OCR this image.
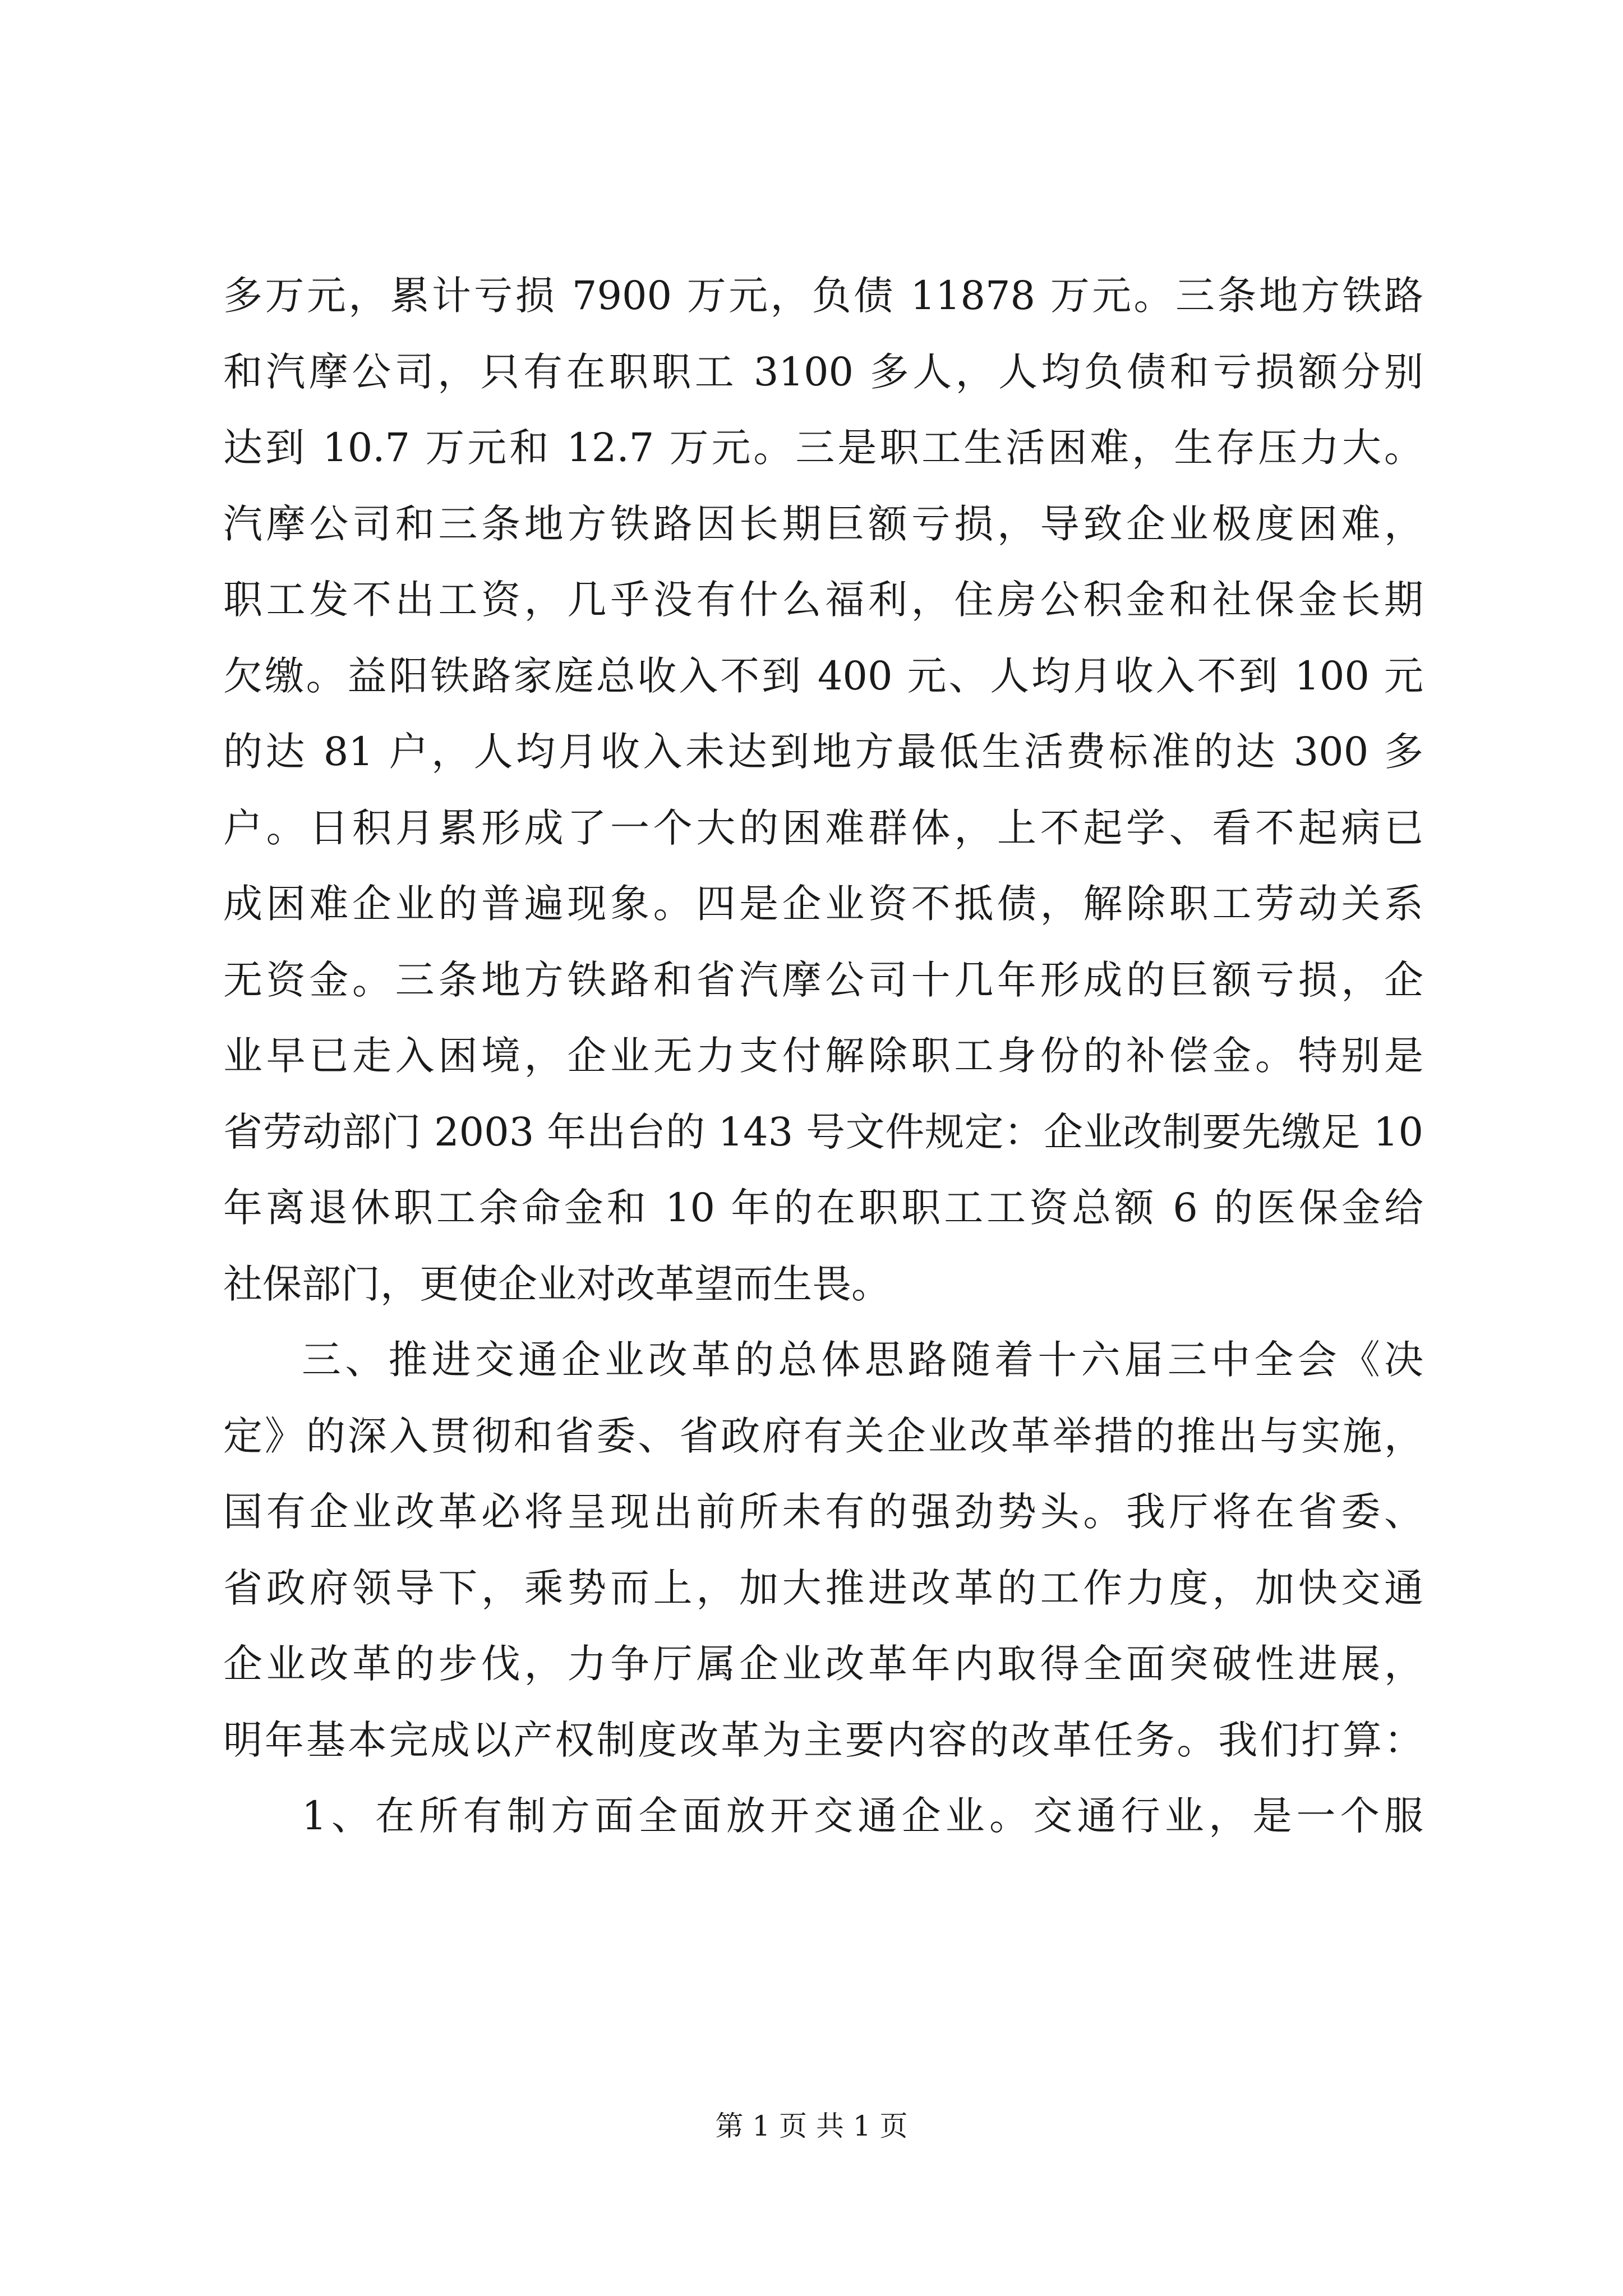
多万元，累计亏损 7900 万元，负债 11878 万元。三条地方铁路
和汽摩公司，只有在职职工 3100 多人，人均负债和亏损额分别
达到 10.7 万元和 12.7 万元。三是职工生活困难，生存压力大。
汽摩公司和三条地方铁路因长期巨额亏损，导致企业极度困难，
职工发不出工资，几乎没有什么福利，住房公积金和社保金长期
欠缴。益阳铁路家庭总收入不到 400 元、人均月收入不到 100 元
的达 81 户，人均月收入未达到地方最低生活费标准的达 300 多
户。日积月累形成了一个大的困难群体，上不起学、看不起病已
成困难企业的普遍现象。四是企业资不抵债，解除职工劳动关系
无资金。三条地方铁路和省汽摩公司十几年形成的巨额亏损，企
业早已走入困境，企业无力支付解除职工身份的补偿金。特别是
省劳动部门 2003 年出台的 143 号文件规定：企业改制要先缴足 10
年离退休职工余命金和 10 年的在职职工工资总额 6 的医保金给
社保部门，更使企业对改革望而生畏。
三、推进交通企业改革的总体思路随着十六届三中全会《决
定》的深入贯彻和省委、省政府有关企业改革举措的推出与实施，
国有企业改革必将呈现出前所未有的强劲势头。我厅将在省委、
省政府领导下，乘势而上，加大推进改革的工作力度，加快交通
企业改革的步伐，力争厅属企业改革年内取得全面突破性进展，
明年基本完成以产权制度改革为主要内容的改革任务。我们打算：
1、在所有制方面全面放开交通企业。交通行业，是一个服
第 1 页 共 1 页
